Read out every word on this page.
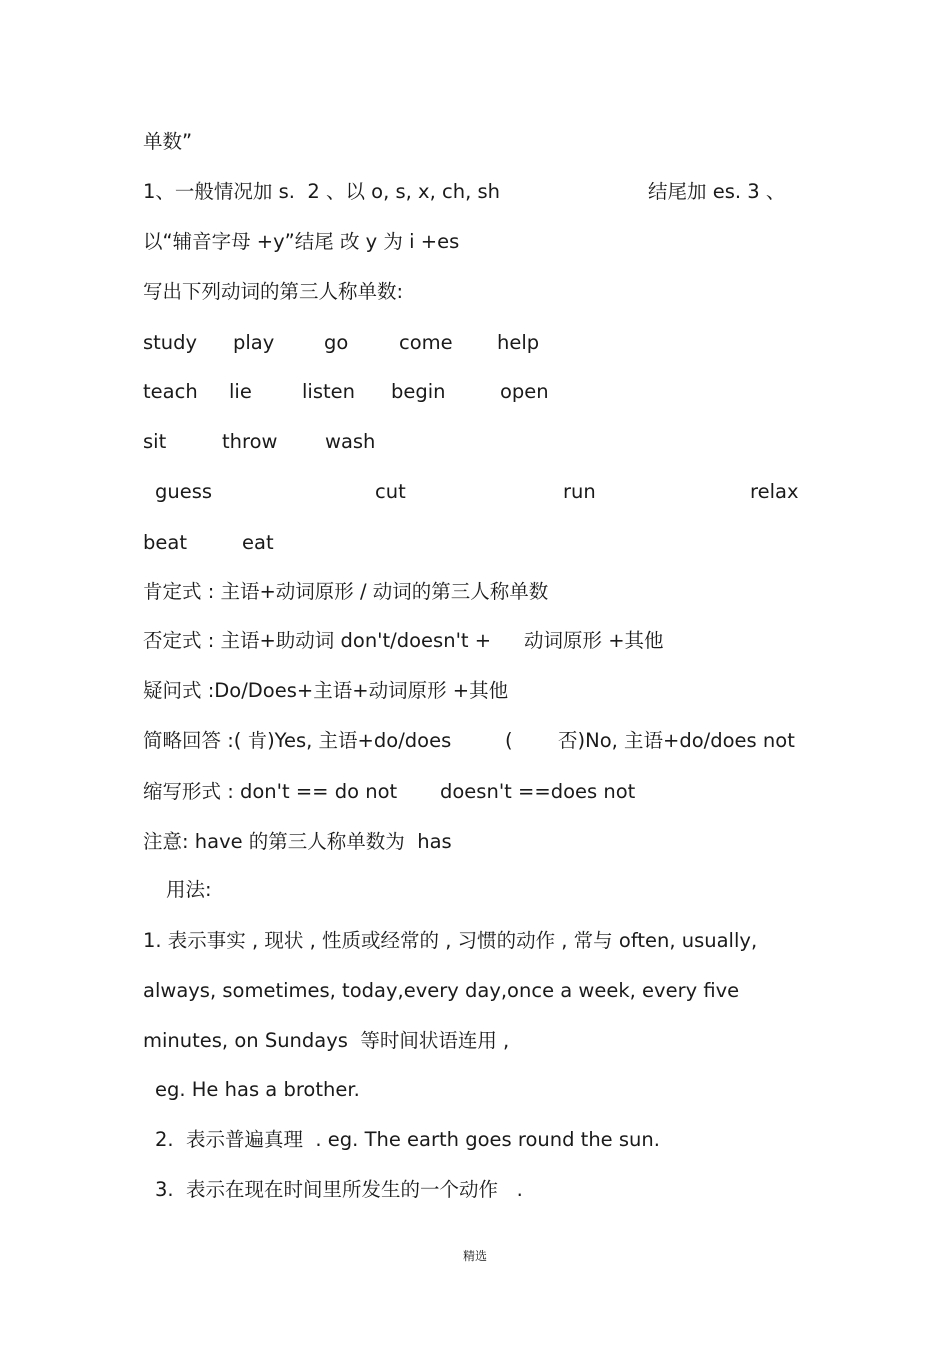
单数”

1、一般情况加 s.  2 、以 o, s, x, ch, sh

	结尾加 es. 3 、

以“辅音字母 +y”结尾 改 y 为 i +es
写出下列动词的第三人称单数:

study

play

	go

	come

help

teach

lie

	listen

begin

	open

sit

	throw

wash

guess

	cut

	run

	relax

beat

	eat

肯定式 : 主语+动词原形 / 动词的第三人称单数

否定式 : 主语+助动词 don't/doesn't +

动词原形 +其他

疑问式 :Do/Does+主语+动词原形 +其他

简略回答 :( 肯)Yes, 主语+do/does

	(

否)No, 主语+do/does not

缩写形式 : don't == do not

doesn't ==does not

注意: have 的第三人称单数为  has
用法:
1. 表示事实 , 现状 , 性质或经常的 , 习惯的动作 , 常与 often, usually,
always, sometimes, today,every day,once a week, every five
minutes, on Sundays  等时间状语连用 ,
eg. He has a brother.
2.  表示普遍真理  . eg. The earth goes round the sun.
3.  表示在现在时间里所发生的一个动作   .
精选
